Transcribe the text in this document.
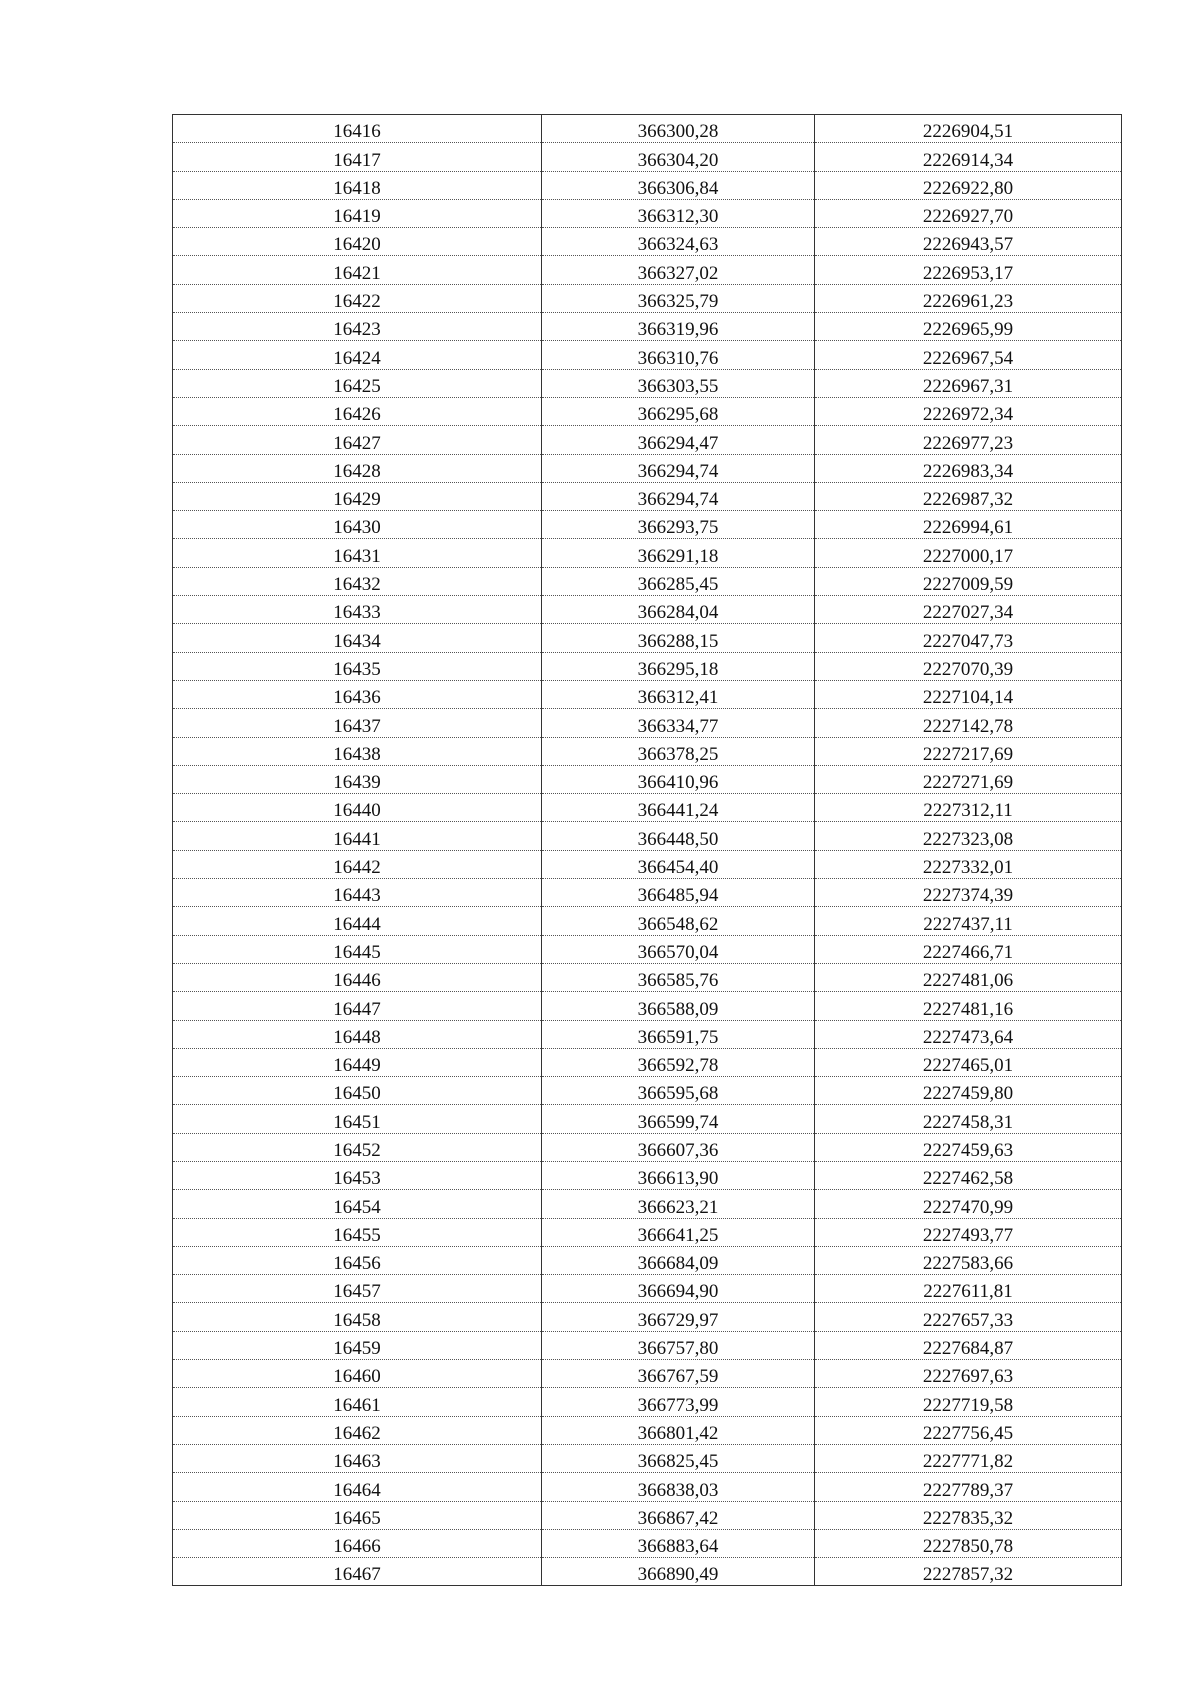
16416	366300,28	2226904,51
16417	366304,20	2226914,34
16418	366306,84	2226922,80
16419	366312,30	2226927,70
16420	366324,63	2226943,57
16421	366327,02	2226953,17
16422	366325,79	2226961,23
16423	366319,96	2226965,99
16424	366310,76	2226967,54
16425	366303,55	2226967,31
16426	366295,68	2226972,34
16427	366294,47	2226977,23
16428	366294,74	2226983,34
16429	366294,74	2226987,32
16430	366293,75	2226994,61
16431	366291,18	2227000,17
16432	366285,45	2227009,59
16433	366284,04	2227027,34
16434	366288,15	2227047,73
16435	366295,18	2227070,39
16436	366312,41	2227104,14
16437	366334,77	2227142,78
16438	366378,25	2227217,69
16439	366410,96	2227271,69
16440	366441,24	2227312,11
16441	366448,50	2227323,08
16442	366454,40	2227332,01
16443	366485,94	2227374,39
16444	366548,62	2227437,11
16445	366570,04	2227466,71
16446	366585,76	2227481,06
16447	366588,09	2227481,16
16448	366591,75	2227473,64
16449	366592,78	2227465,01
16450	366595,68	2227459,80
16451	366599,74	2227458,31
16452	366607,36	2227459,63
16453	366613,90	2227462,58
16454	366623,21	2227470,99
16455	366641,25	2227493,77
16456	366684,09	2227583,66
16457	366694,90	2227611,81
16458	366729,97	2227657,33
16459	366757,80	2227684,87
16460	366767,59	2227697,63
16461	366773,99	2227719,58
16462	366801,42	2227756,45
16463	366825,45	2227771,82
16464	366838,03	2227789,37
16465	366867,42	2227835,32
16466	366883,64	2227850,78
16467	366890,49	2227857,32
